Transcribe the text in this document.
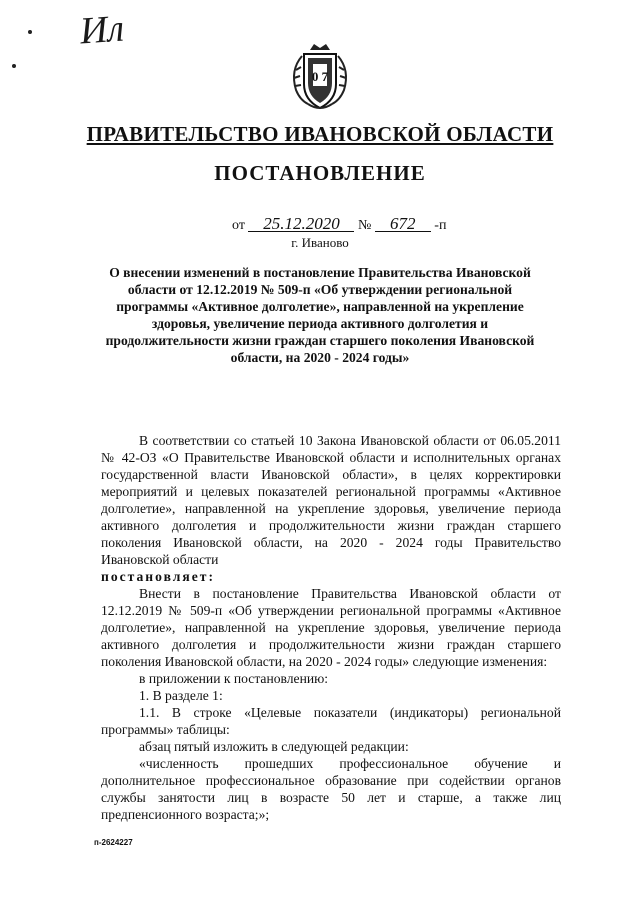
Ил
0 7
ПРАВИТЕЛЬСТВО ИВАНОВСКОЙ ОБЛАСТИ
ПОСТАНОВЛЕНИЕ
от 25.12.2020 № 672 -п
г. Иваново
О внесении изменений в постановление Правительства Ивановской области от 12.12.2019 № 509-п «Об утверждении региональной программы «Активное долголетие», направленной на укрепление здоровья, увеличение периода активного долголетия и продолжительности жизни граждан старшего поколения Ивановской области, на 2020 - 2024 годы»

В соответствии со статьей 10 Закона Ивановской области от 06.05.2011 № 42-ОЗ «О Правительстве Ивановской области и исполнительных органах государственной власти Ивановской области», в целях корректировки мероприятий и целевых показателей региональной программы «Активное долголетие», направленной на укрепление здоровья, увеличение периода активного долголетия и продолжительности жизни граждан старшего поколения Ивановской области, на 2020 - 2024 годы Правительство Ивановской области

постановляет:

Внести в постановление Правительства Ивановской области от 12.12.2019 № 509-п «Об утверждении региональной программы «Активное долголетие», направленной на укрепление здоровья, увеличение периода активного долголетия и продолжительности жизни граждан старшего поколения Ивановской области, на 2020 - 2024 годы» следующие изменения:

в приложении к постановлению:

1. В разделе 1:

1.1. В строке «Целевые показатели (индикаторы) региональной программы» таблицы:

абзац пятый изложить в следующей редакции:

«численность прошедших профессиональное обучение и дополнительное профессиональное образование при содействии органов службы занятости лиц в возрасте 50 лет и старше, а также лиц предпенсионного возраста;»;

п-2624227
